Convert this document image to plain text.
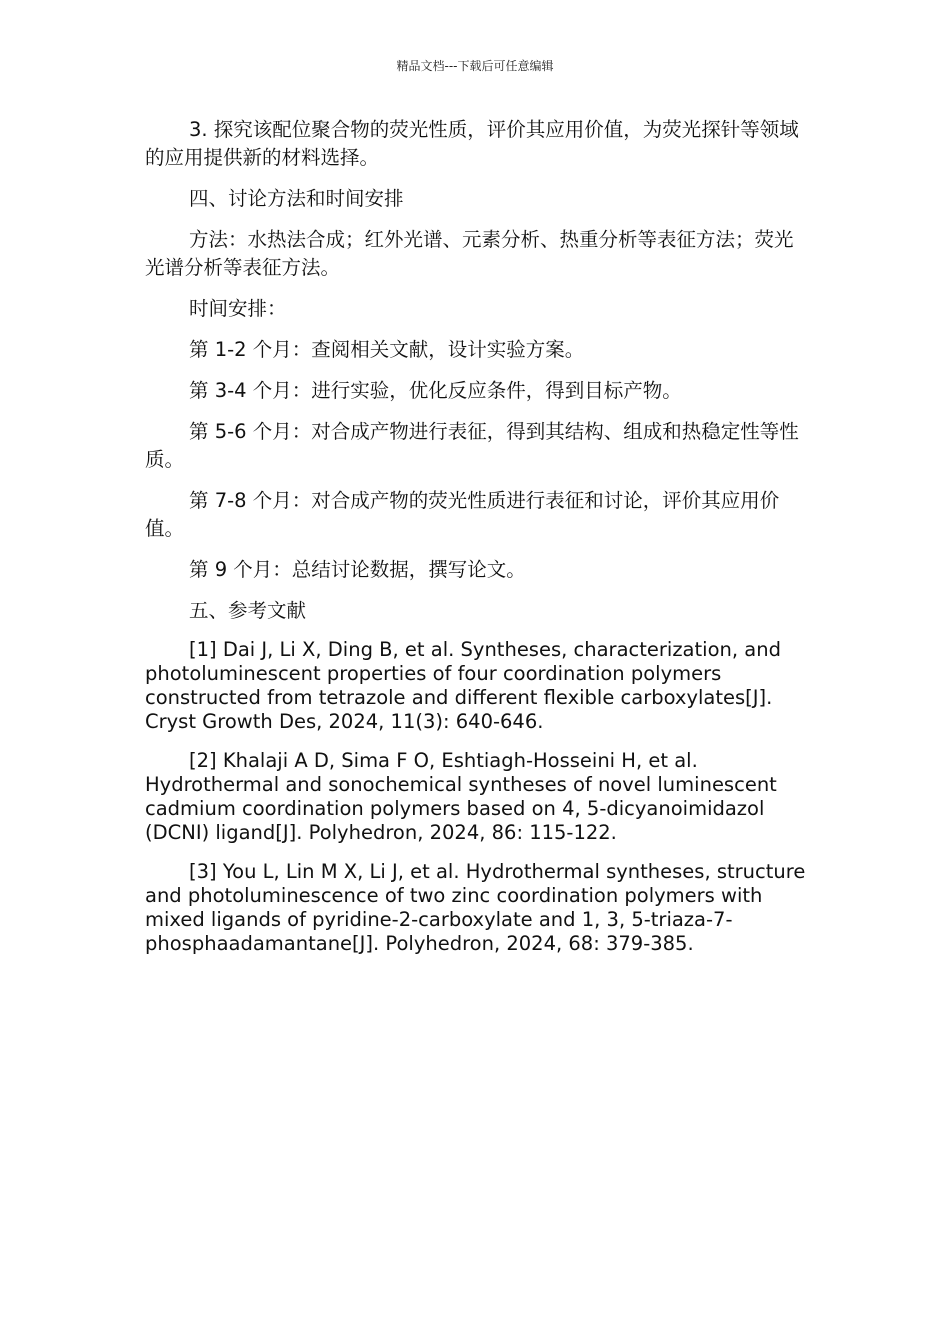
精品文档---下载后可任意编辑

3. 探究该配位聚合物的荧光性质，评价其应用价值，为荧光探针等领域的应用提供新的材料选择。

四、讨论方法和时间安排

方法：水热法合成；红外光谱、元素分析、热重分析等表征方法；荧光光谱分析等表征方法。

时间安排：

第 1-2 个月：查阅相关文献，设计实验方案。

第 3-4 个月：进行实验，优化反应条件，得到目标产物。

第 5-6 个月：对合成产物进行表征，得到其结构、组成和热稳定性等性质。

第 7-8 个月：对合成产物的荧光性质进行表征和讨论，评价其应用价值。

第 9 个月：总结讨论数据，撰写论文。

五、参考文献

[1] Dai J, Li X, Ding B, et al. Syntheses, characterization, and photoluminescent properties of four coordination polymers constructed from tetrazole and different flexible carboxylates[J]. Cryst Growth Des, 2024, 11(3): 640-646.

[2] Khalaji A D, Sima F O, Eshtiagh-Hosseini H, et al. Hydrothermal and sonochemical syntheses of novel luminescent cadmium coordination polymers based on 4, 5-dicyanoimidazol (DCNI) ligand[J]. Polyhedron, 2024, 86: 115-122.

[3] You L, Lin M X, Li J, et al. Hydrothermal syntheses, structure and photoluminescence of two zinc coordination polymers with mixed ligands of pyridine-2-carboxylate and 1, 3, 5-triaza-7-phosphaadamantane[J]. Polyhedron, 2024, 68: 379-385.
